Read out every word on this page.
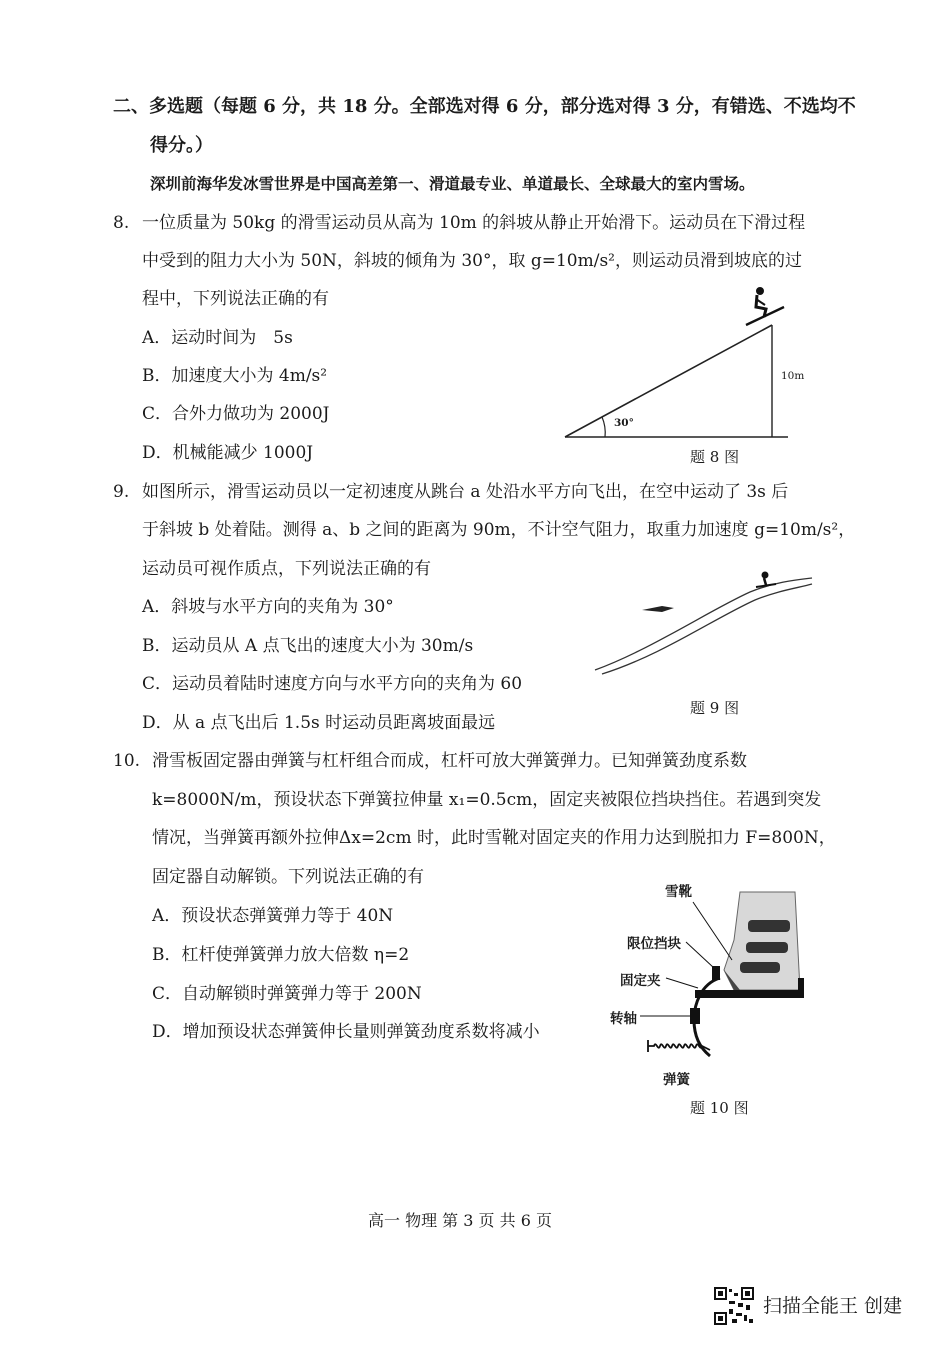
二、多选题（每题 6 分，共 18 分。全部选对得 6 分，部分选对得 3 分，有错选、不选均不
得分。）
深圳前海华发冰雪世界是中国高差第一、滑道最专业、单道最长、全球最大的室内雪场。
8. 一位质量为 50kg 的滑雪运动员从高为 10m 的斜坡从静止开始滑下。运动员在下滑过程
中受到的阻力大小为 50N，斜坡的倾角为 30°，取 g=10m/s²，则运动员滑到坡底的过
程中，下列说法正确的有
A．运动时间为　5s
B．加速度大小为 4m/s²
C．合外力做功为 2000J
D．机械能减少 1000J
30°
10m
题 8 图
9. 如图所示，滑雪运动员以一定初速度从跳台 a 处沿水平方向飞出，在空中运动了 3s 后
于斜坡 b 处着陆。测得 a、b 之间的距离为 90m，不计空气阻力，取重力加速度 g=10m/s²，
运动员可视作质点，下列说法正确的有
A．斜坡与水平方向的夹角为 30°
B．运动员从 A 点飞出的速度大小为 30m/s
C．运动员着陆时速度方向与水平方向的夹角为 60
D．从 a 点飞出后 1.5s 时运动员距离坡面最远
题 9 图
10. 滑雪板固定器由弹簧与杠杆组合而成，杠杆可放大弹簧弹力。已知弹簧劲度系数
k=8000N/m，预设状态下弹簧拉伸量 x₁=0.5cm，固定夹被限位挡块挡住。若遇到突发
情况，当弹簧再额外拉伸Δx=2cm 时，此时雪靴对固定夹的作用力达到脱扣力 F=800N，
固定器自动解锁。下列说法正确的有
A．预设状态弹簧弹力等于 40N
B．杠杆使弹簧弹力放大倍数 η=2
C．自动解锁时弹簧弹力等于 200N
D．增加预设状态弹簧伸长量则弹簧劲度系数将减小
雪靴
限位挡块
固定夹
转轴
弹簧
题 10 图
高一 物理 第 3 页 共 6 页
扫描全能王 创建
